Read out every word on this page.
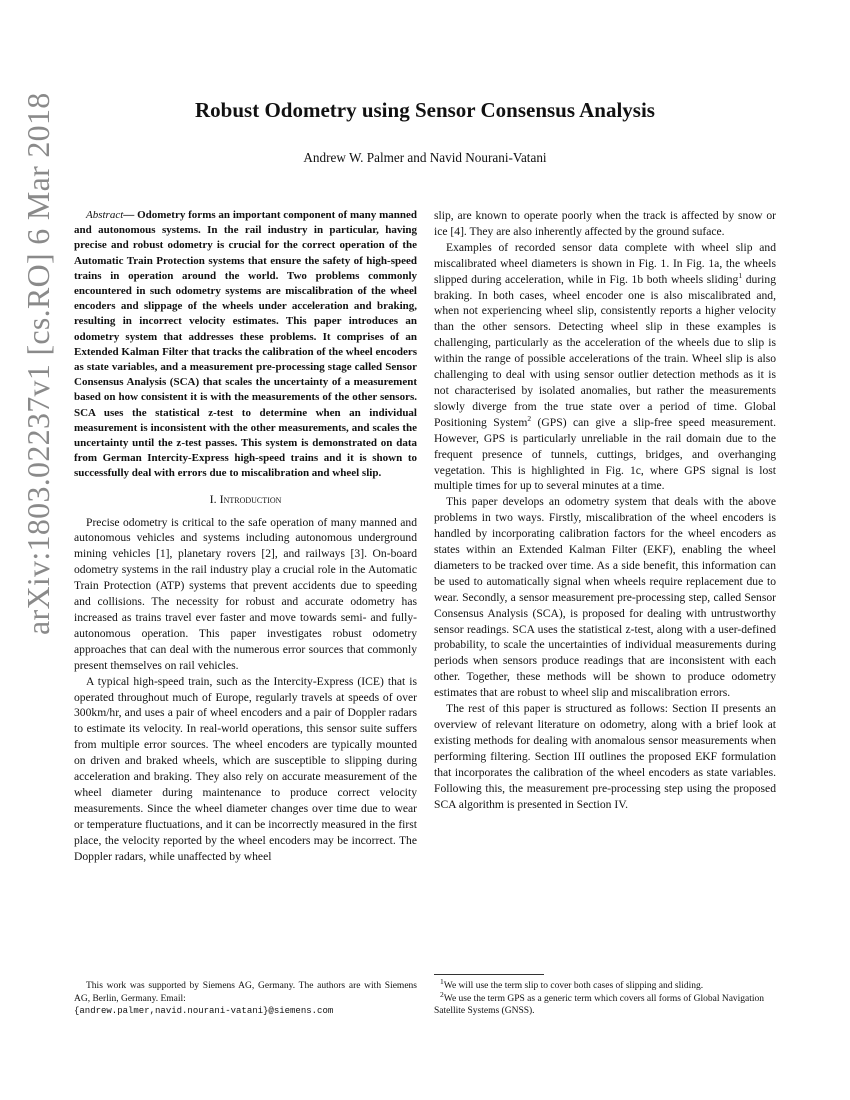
arXiv:1803.02237v1 [cs.RO] 6 Mar 2018	Robust Odometry using Sensor Consensus Analysis
Andrew W. Palmer and Navid Nourani-Vatani

Abstract— Odometry forms an important component of many manned and autonomous systems. In the rail industry in particular, having precise and robust odometry is crucial for the correct operation of the Automatic Train Protection systems that ensure the safety of high-speed trains in operation around the world. Two problems commonly encountered in such odometry systems are miscalibration of the wheel encoders and slippage of the wheels under acceleration and braking, resulting in incorrect velocity estimates. This paper introduces an odometry system that addresses these problems. It comprises of an Extended Kalman Filter that tracks the calibration of the wheel encoders as state variables, and a measurement pre-processing stage called Sensor Consensus Analysis (SCA) that scales the uncertainty of a measurement based on how consistent it is with the measurements of the other sensors. SCA uses the statistical z-test to determine when an individual measurement is inconsistent with the other measurements, and scales the uncertainty until the z-test passes. This system is demonstrated on data from German Intercity-Express high-speed trains and it is shown to successfully deal with errors due to miscalibration and wheel slip.

I. Introduction

Precise odometry is critical to the safe operation of many manned and autonomous vehicles and systems including autonomous underground mining vehicles [1], planetary rovers [2], and railways [3]. On-board odometry systems in the rail industry play a crucial role in the Automatic Train Protection (ATP) systems that prevent accidents due to speeding and collisions. The necessity for robust and accurate odometry has increased as trains travel ever faster and move towards semi- and fully-autonomous operation. This paper investigates robust odometry approaches that can deal with the numerous error sources that commonly present themselves on rail vehicles.

A typical high-speed train, such as the Intercity-Express (ICE) that is operated throughout much of Europe, regularly travels at speeds of over 300km/hr, and uses a pair of wheel encoders and a pair of Doppler radars to estimate its velocity. In real-world operations, this sensor suite suffers from multiple error sources. The wheel encoders are typically mounted on driven and braked wheels, which are susceptible to slipping during acceleration and braking. They also rely on accurate measurement of the wheel diameter during maintenance to produce correct velocity measurements. Since the wheel diameter changes over time due to wear or temperature fluctuations, and it can be incorrectly measured in the first place, the velocity reported by the wheel encoders may be incorrect. The Doppler radars, while unaffected by wheel

slip, are known to operate poorly when the track is affected by snow or ice [4]. They are also inherently affected by the ground suface.

Examples of recorded sensor data complete with wheel slip and miscalibrated wheel diameters is shown in Fig. 1. In Fig. 1a, the wheels slipped during acceleration, while in Fig. 1b both wheels sliding$^1$ during braking. In both cases, wheel encoder one is also miscalibrated and, when not experiencing wheel slip, consistently reports a higher velocity than the other sensors. Detecting wheel slip in these examples is challenging, particularly as the acceleration of the wheels due to slip is within the range of possible accelerations of the train. Wheel slip is also challenging to deal with using sensor outlier detection methods as it is not characterised by isolated anomalies, but rather the measurements slowly diverge from the true state over a period of time. Global Positioning System$^2$ (GPS) can give a slip-free speed measurement. However, GPS is particularly unreliable in the rail domain due to the frequent presence of tunnels, cuttings, bridges, and overhanging vegetation. This is highlighted in Fig. 1c, where GPS signal is lost multiple times for up to several minutes at a time.

This paper develops an odometry system that deals with the above problems in two ways. Firstly, miscalibration of the wheel encoders is handled by incorporating calibration factors for the wheel encoders as states within an Extended Kalman Filter (EKF), enabling the wheel diameters to be tracked over time. As a side benefit, this information can be used to automatically signal when wheels require replacement due to wear. Secondly, a sensor measurement pre-processing step, called Sensor Consensus Analysis (SCA), is proposed for dealing with untrustworthy sensor readings. SCA uses the statistical z-test, along with a user-defined probability, to scale the uncertainties of individual measurements during periods when sensors produce readings that are inconsistent with each other. Together, these methods will be shown to produce odometry estimates that are robust to wheel slip and miscalibration errors.

The rest of this paper is structured as follows: Section II presents an overview of relevant literature on odometry, along with a brief look at existing methods for dealing with anomalous sensor measurements when performing filtering. Section III outlines the proposed EKF formulation that incorporates the calibration of the wheel encoders as state variables. Following this, the measurement pre-processing step using the proposed SCA algorithm is presented in Section IV.

This work was supported by Siemens AG, Germany. The authors are with Siemens AG, Berlin, Germany. Email: {andrew.palmer,navid.nourani-vatani}@siemens.com
$^1$We will use the term slip to cover both cases of slipping and sliding.
$^2$We use the term GPS as a generic term which covers all forms of Global Navigation Satellite Systems (GNSS).
